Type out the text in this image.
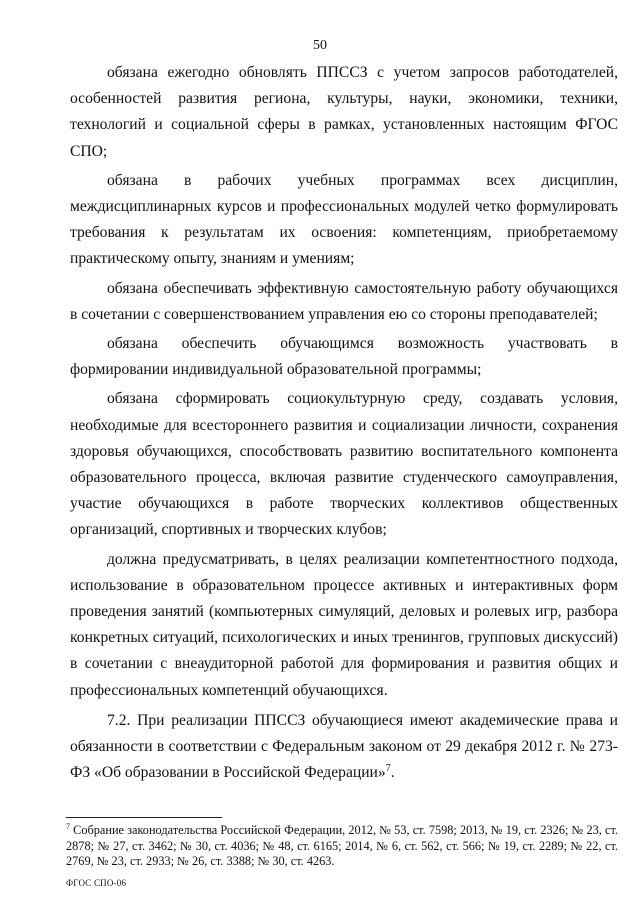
50

обязана ежегодно обновлять ППССЗ с учетом запросов работодателей, особенностей развития региона, культуры, науки, экономики, техники, технологий и социальной сферы в рамках, установленных настоящим ФГОС СПО;

обязана в рабочих учебных программах всех дисциплин, междисциплинарных курсов и профессиональных модулей четко формулировать требования к результатам их освоения: компетенциям, приобретаемому практическому опыту, знаниям и умениям;

обязана обеспечивать эффективную самостоятельную работу обучающихся в сочетании с совершенствованием управления ею со стороны преподавателей;

обязана обеспечить обучающимся возможность участвовать в формировании индивидуальной образовательной программы;

обязана сформировать социокультурную среду, создавать условия, необходимые для всестороннего развития и социализации личности, сохранения здоровья обучающихся, способствовать развитию воспитательного компонента образовательного процесса, включая развитие студенческого самоуправления, участие обучающихся в работе творческих коллективов общественных организаций, спортивных и творческих клубов;

должна предусматривать, в целях реализации компетентностного подхода, использование в образовательном процессе активных и интерактивных форм проведения занятий (компьютерных симуляций, деловых и ролевых игр, разбора конкретных ситуаций, психологических и иных тренингов, групповых дискуссий) в сочетании с внеаудиторной работой для формирования и развития общих и профессиональных компетенций обучающихся.

7.2. При реализации ППССЗ обучающиеся имеют академические права и обязанности в соответствии с Федеральным законом от 29 декабря 2012 г. № 273-ФЗ «Об образовании в Российской Федерации»$^7$.

$^7$ Собрание законодательства Российской Федерации, 2012, № 53, ст. 7598; 2013, № 19, ст. 2326; № 23, ст. 2878; № 27, ст. 3462; № 30, ст. 4036; № 48, ст. 6165; 2014, № 6, ст. 562, ст. 566; № 19, ст. 2289; № 22, ст. 2769, № 23, ст. 2933; № 26, ст. 3388; № 30, ст. 4263.
ФГОС СПО-06
